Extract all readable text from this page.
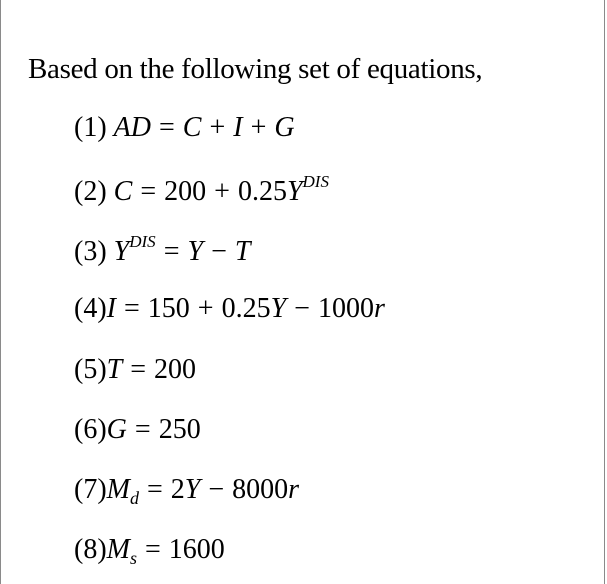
Based on the following set of equations,
(1) AD = C + I + G
(2) $C = 200 + 0.25Y^{DIS}$
(3) $Y^{DIS} = Y - T$
(4)I = 150 + 0.25Y − 1000r
(5)T = 200
(6)G = 250
$(7)M_d = 2Y - 8000r$
$(8)M_s = 1600$
